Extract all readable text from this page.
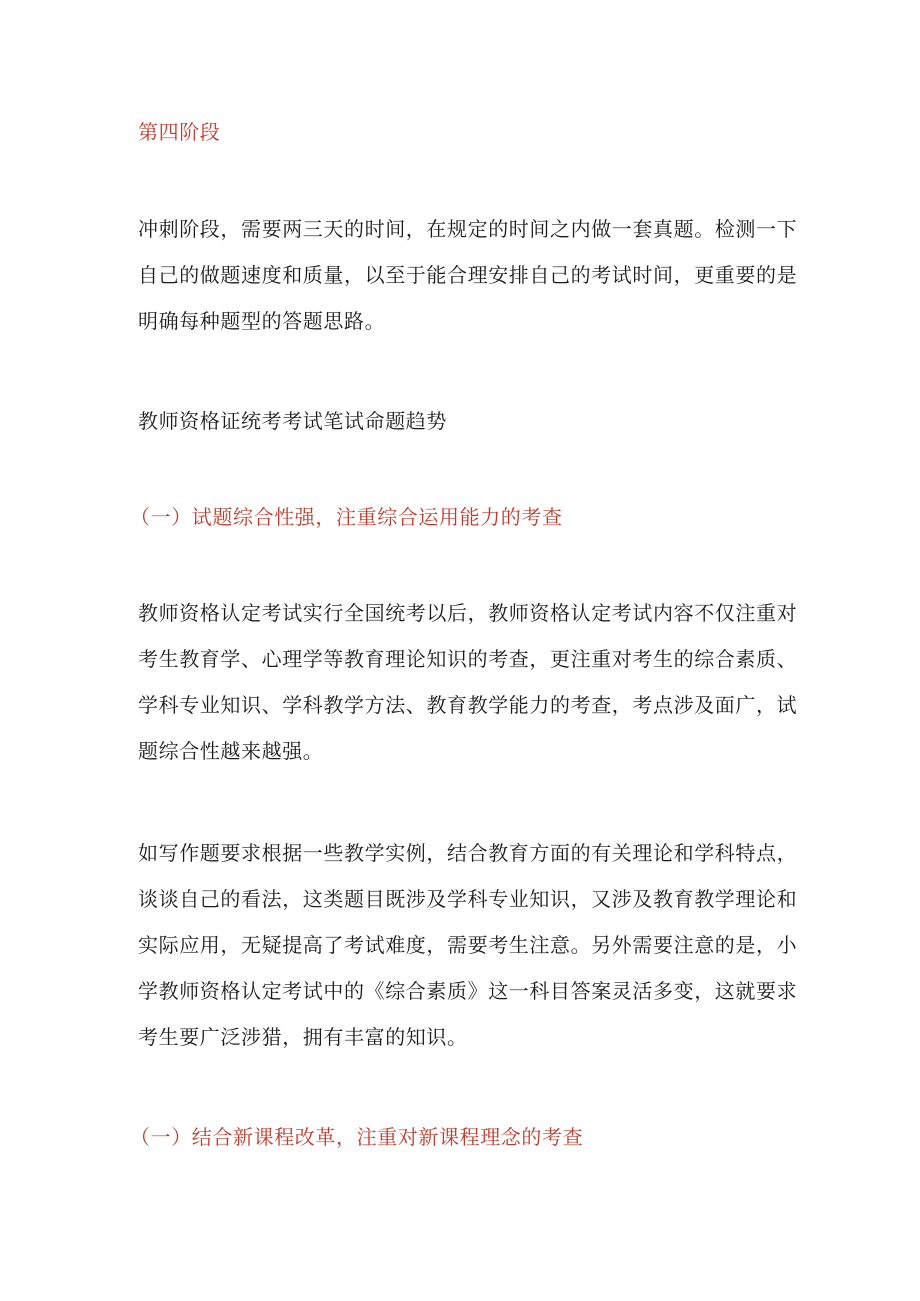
第四阶段

冲刺阶段，需要两三天的时间，在规定的时间之内做一套真题。检测一下
自己的做题速度和质量，以至于能合理安排自己的考试时间，更重要的是
明确每种题型的答题思路。

教师资格证统考考试笔试命题趋势

（一）试题综合性强，注重综合运用能力的考查

教师资格认定考试实行全国统考以后，教师资格认定考试内容不仅注重对
考生教育学、心理学等教育理论知识的考查，更注重对考生的综合素质、
学科专业知识、学科教学方法、教育教学能力的考查，考点涉及面广，试
题综合性越来越强。

如写作题要求根据一些教学实例，结合教育方面的有关理论和学科特点，
谈谈自己的看法，这类题目既涉及学科专业知识，又涉及教育教学理论和
实际应用，无疑提高了考试难度，需要考生注意。另外需要注意的是，小
学教师资格认定考试中的《综合素质》这一科目答案灵活多变，这就要求
考生要广泛涉猎，拥有丰富的知识。

（一）结合新课程改革，注重对新课程理念的考查
